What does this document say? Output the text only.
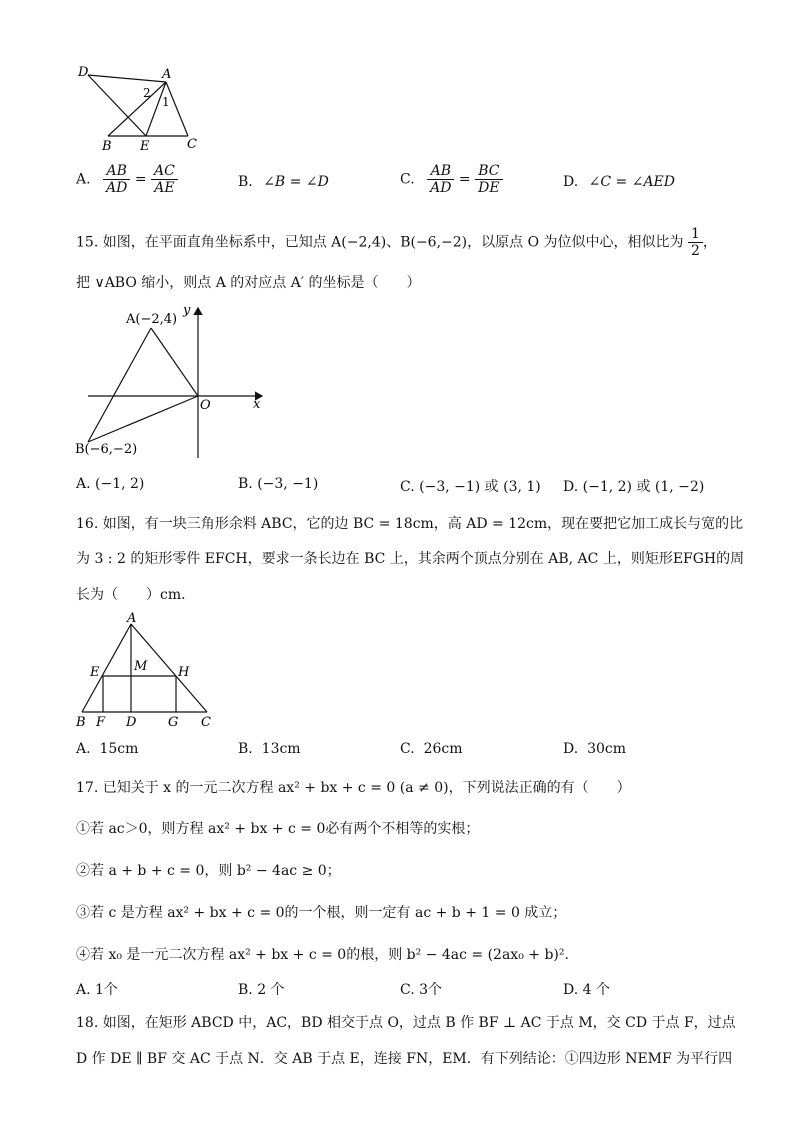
D	A
2
1
B E	C
A. $\frac{AB}{AD} = \frac{AC}{AE}$	B. ∠B = ∠D	C. $\frac{AB}{AD} = \frac{BC}{DE}$	D. ∠C = ∠AED
15. 如图，在平面直角坐标系中，已知点 A(−2,4)、B(−6,−2)，以原点 O 为位似中心，相似比为 $\frac{1}{2}$ ，
把 ∨ABO 缩小，则点 A 的对应点 A′ 的坐标是（　　）
A(−2,4)
B(−6,−2)
O	x
y
A. (−1, 2)	B. (−3, −1)	C. (−3, −1) 或 (3, 1) D. (−1, 2) 或 (1, −2)
16. 如图，有一块三角形余料 ABC，它的边 BC = 18cm，高 AD = 12cm，现在要把它加工成长与宽的比
为 3 : 2 的矩形零件 EFCH，要求一条长边在 BC 上，其余两个顶点分别在 AB, AC 上，则矩形EFGH的周
长为（　　）cm．
A
E	M H
B F D G C
A. 15cm	B. 13cm	C. 26cm	D. 30cm
17. 已知关于 x 的一元二次方程 ax² + bx + c = 0 (a ≠ 0)，下列说法正确的有（　　）
①若 ac＞0，则方程 ax² + bx + c = 0必有两个不相等的实根；
②若 a + b + c = 0，则 b² − 4ac ≥ 0；
③若 c 是方程 ax² + bx + c = 0的一个根，则一定有 ac + b + 1 = 0 成立；
④若 x₀ 是一元二次方程 ax² + bx + c = 0的根，则 b² − 4ac = (2ax₀ + b)².
A. 1个	B. 2 个	C. 3个	D. 4 个
18. 如图，在矩形 ABCD 中，AC，BD 相交于点 O，过点 B 作 BF ⊥ AC 于点 M，交 CD 于点 F，过点
D 作 DE ∥ BF 交 AC 于点 N．交 AB 于点 E，连接 FN，EM．有下列结论：①四边形 NEMF 为平行四
